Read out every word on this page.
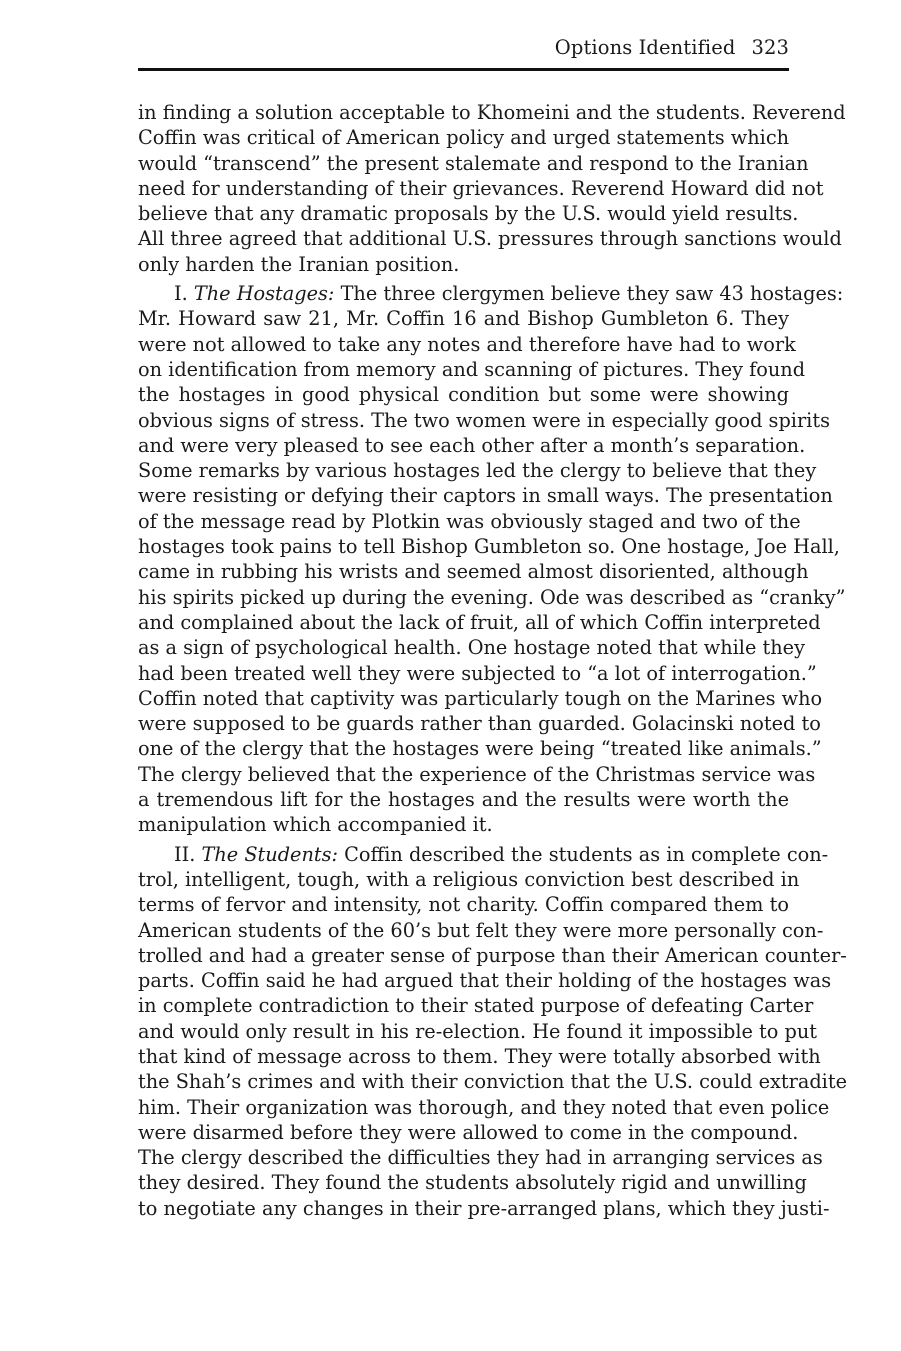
Options Identified 323
in finding a solution acceptable to Khomeini and the students. Reverend
Coffin was critical of American policy and urged statements which
would “transcend” the present stalemate and respond to the Iranian
need for understanding of their grievances. Reverend Howard did not
believe that any dramatic proposals by the U.S. would yield results.
All three agreed that additional U.S. pressures through sanctions would
only harden the Iranian position.
I. The Hostages: The three clergymen believe they saw 43 hostages:
Mr. Howard saw 21, Mr. Coffin 16 and Bishop Gumbleton 6. They
were not allowed to take any notes and therefore have had to work
on identification from memory and scanning of pictures. They found
the hostages in good physical condition but some were showing
obvious signs of stress. The two women were in especially good spirits
and were very pleased to see each other after a month’s separation.
Some remarks by various hostages led the clergy to believe that they
were resisting or defying their captors in small ways. The presentation
of the message read by Plotkin was obviously staged and two of the
hostages took pains to tell Bishop Gumbleton so. One hostage, Joe Hall,
came in rubbing his wrists and seemed almost disoriented, although
his spirits picked up during the evening. Ode was described as “cranky”
and complained about the lack of fruit, all of which Coffin interpreted
as a sign of psychological health. One hostage noted that while they
had been treated well they were subjected to “a lot of interrogation.”
Coffin noted that captivity was particularly tough on the Marines who
were supposed to be guards rather than guarded. Golacinski noted to
one of the clergy that the hostages were being “treated like animals.”
The clergy believed that the experience of the Christmas service was
a tremendous lift for the hostages and the results were worth the
manipulation which accompanied it.
II. The Students: Coffin described the students as in complete con-
trol, intelligent, tough, with a religious conviction best described in
terms of fervor and intensity, not charity. Coffin compared them to
American students of the 60’s but felt they were more personally con-
trolled and had a greater sense of purpose than their American counter-
parts. Coffin said he had argued that their holding of the hostages was
in complete contradiction to their stated purpose of defeating Carter
and would only result in his re-election. He found it impossible to put
that kind of message across to them. They were totally absorbed with
the Shah’s crimes and with their conviction that the U.S. could extradite
him. Their organization was thorough, and they noted that even police
were disarmed before they were allowed to come in the compound.
The clergy described the difficulties they had in arranging services as
they desired. They found the students absolutely rigid and unwilling
to negotiate any changes in their pre-arranged plans, which they justi-
